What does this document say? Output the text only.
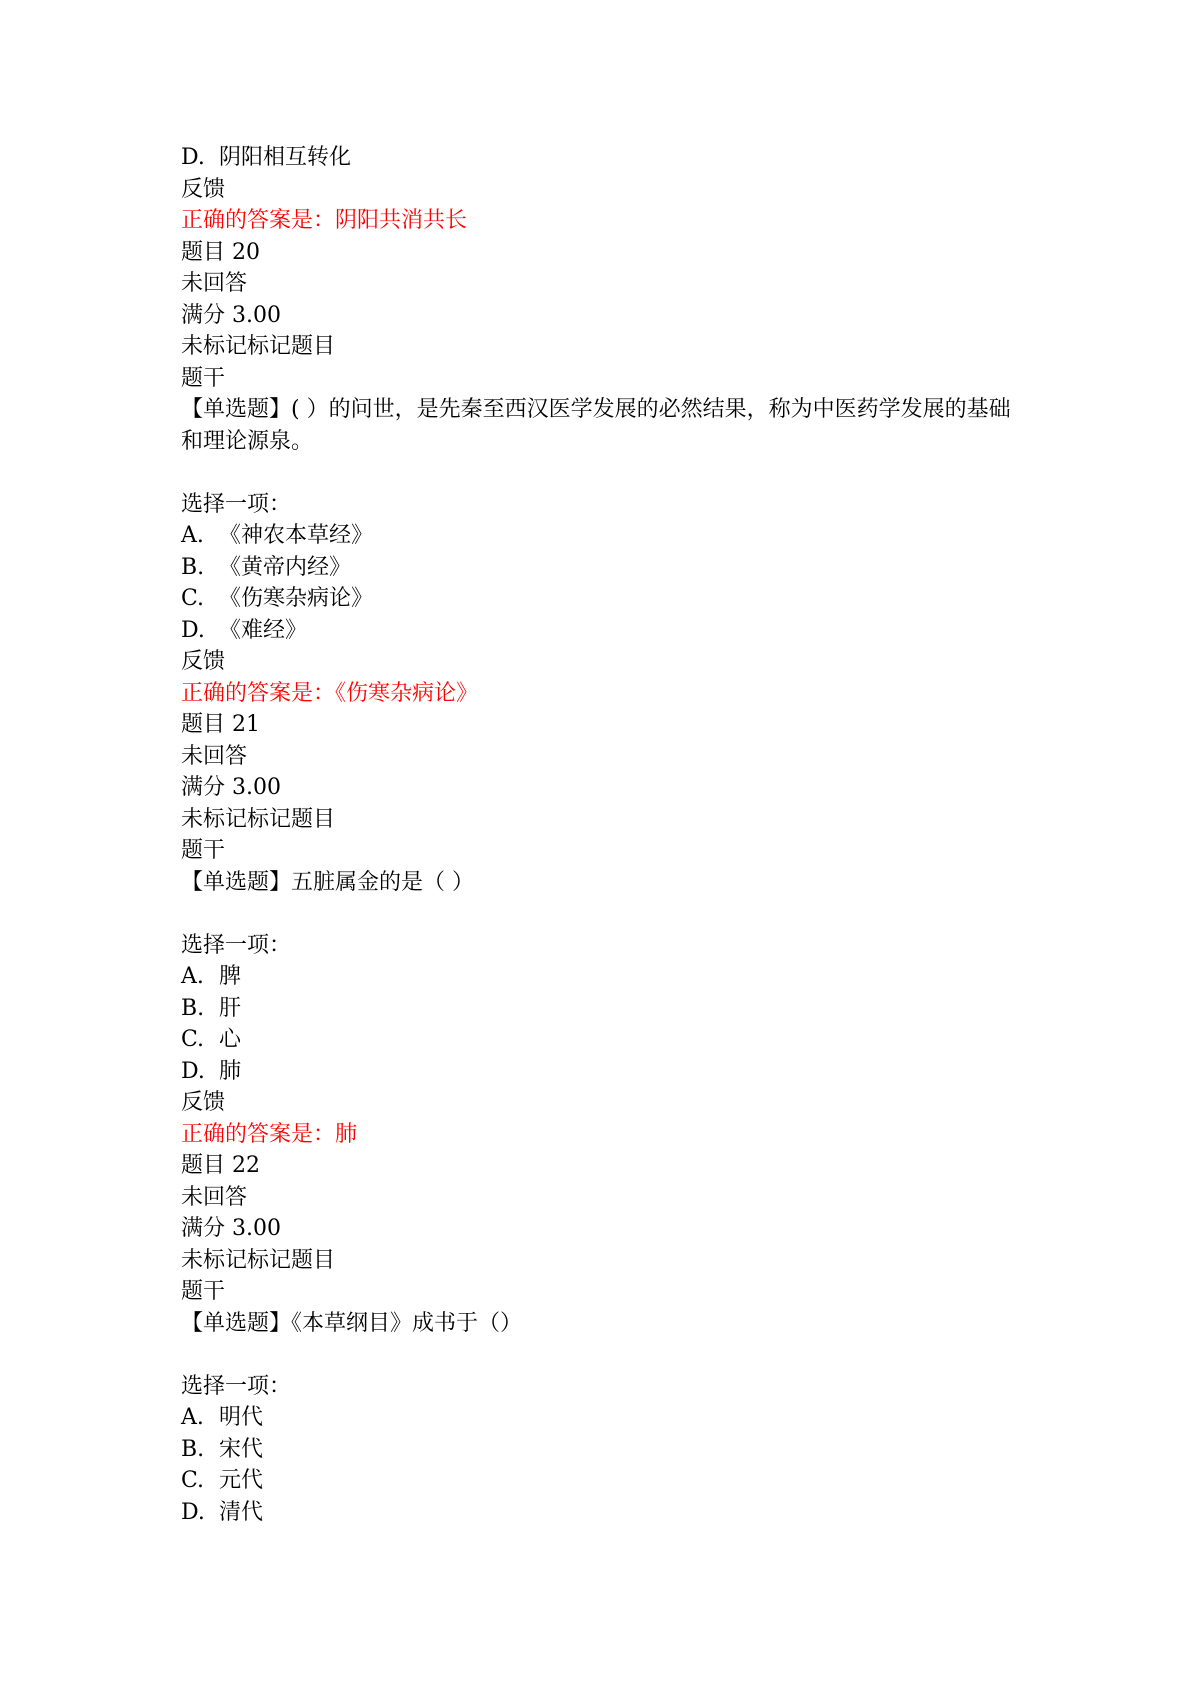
D. 阴阳相互转化
反馈
正确的答案是：阴阳共消共长
题目 20
未回答
满分 3.00
未标记标记题目
题干
【单选题】( ）的问世，是先秦至西汉医学发展的必然结果，称为中医药学发展的基础和理论源泉。
选择一项：
A. 《神农本草经》
B. 《黄帝内经》
C. 《伤寒杂病论》
D. 《难经》
反馈
正确的答案是：《伤寒杂病论》
题目 21
未回答
满分 3.00
未标记标记题目
题干
【单选题】五脏属金的是（ ）
选择一项：
A. 脾
B. 肝
C. 心
D. 肺
反馈
正确的答案是：肺
题目 22
未回答
满分 3.00
未标记标记题目
题干
【单选题】《本草纲目》成书于（）
选择一项：
A. 明代
B. 宋代
C. 元代
D. 清代
